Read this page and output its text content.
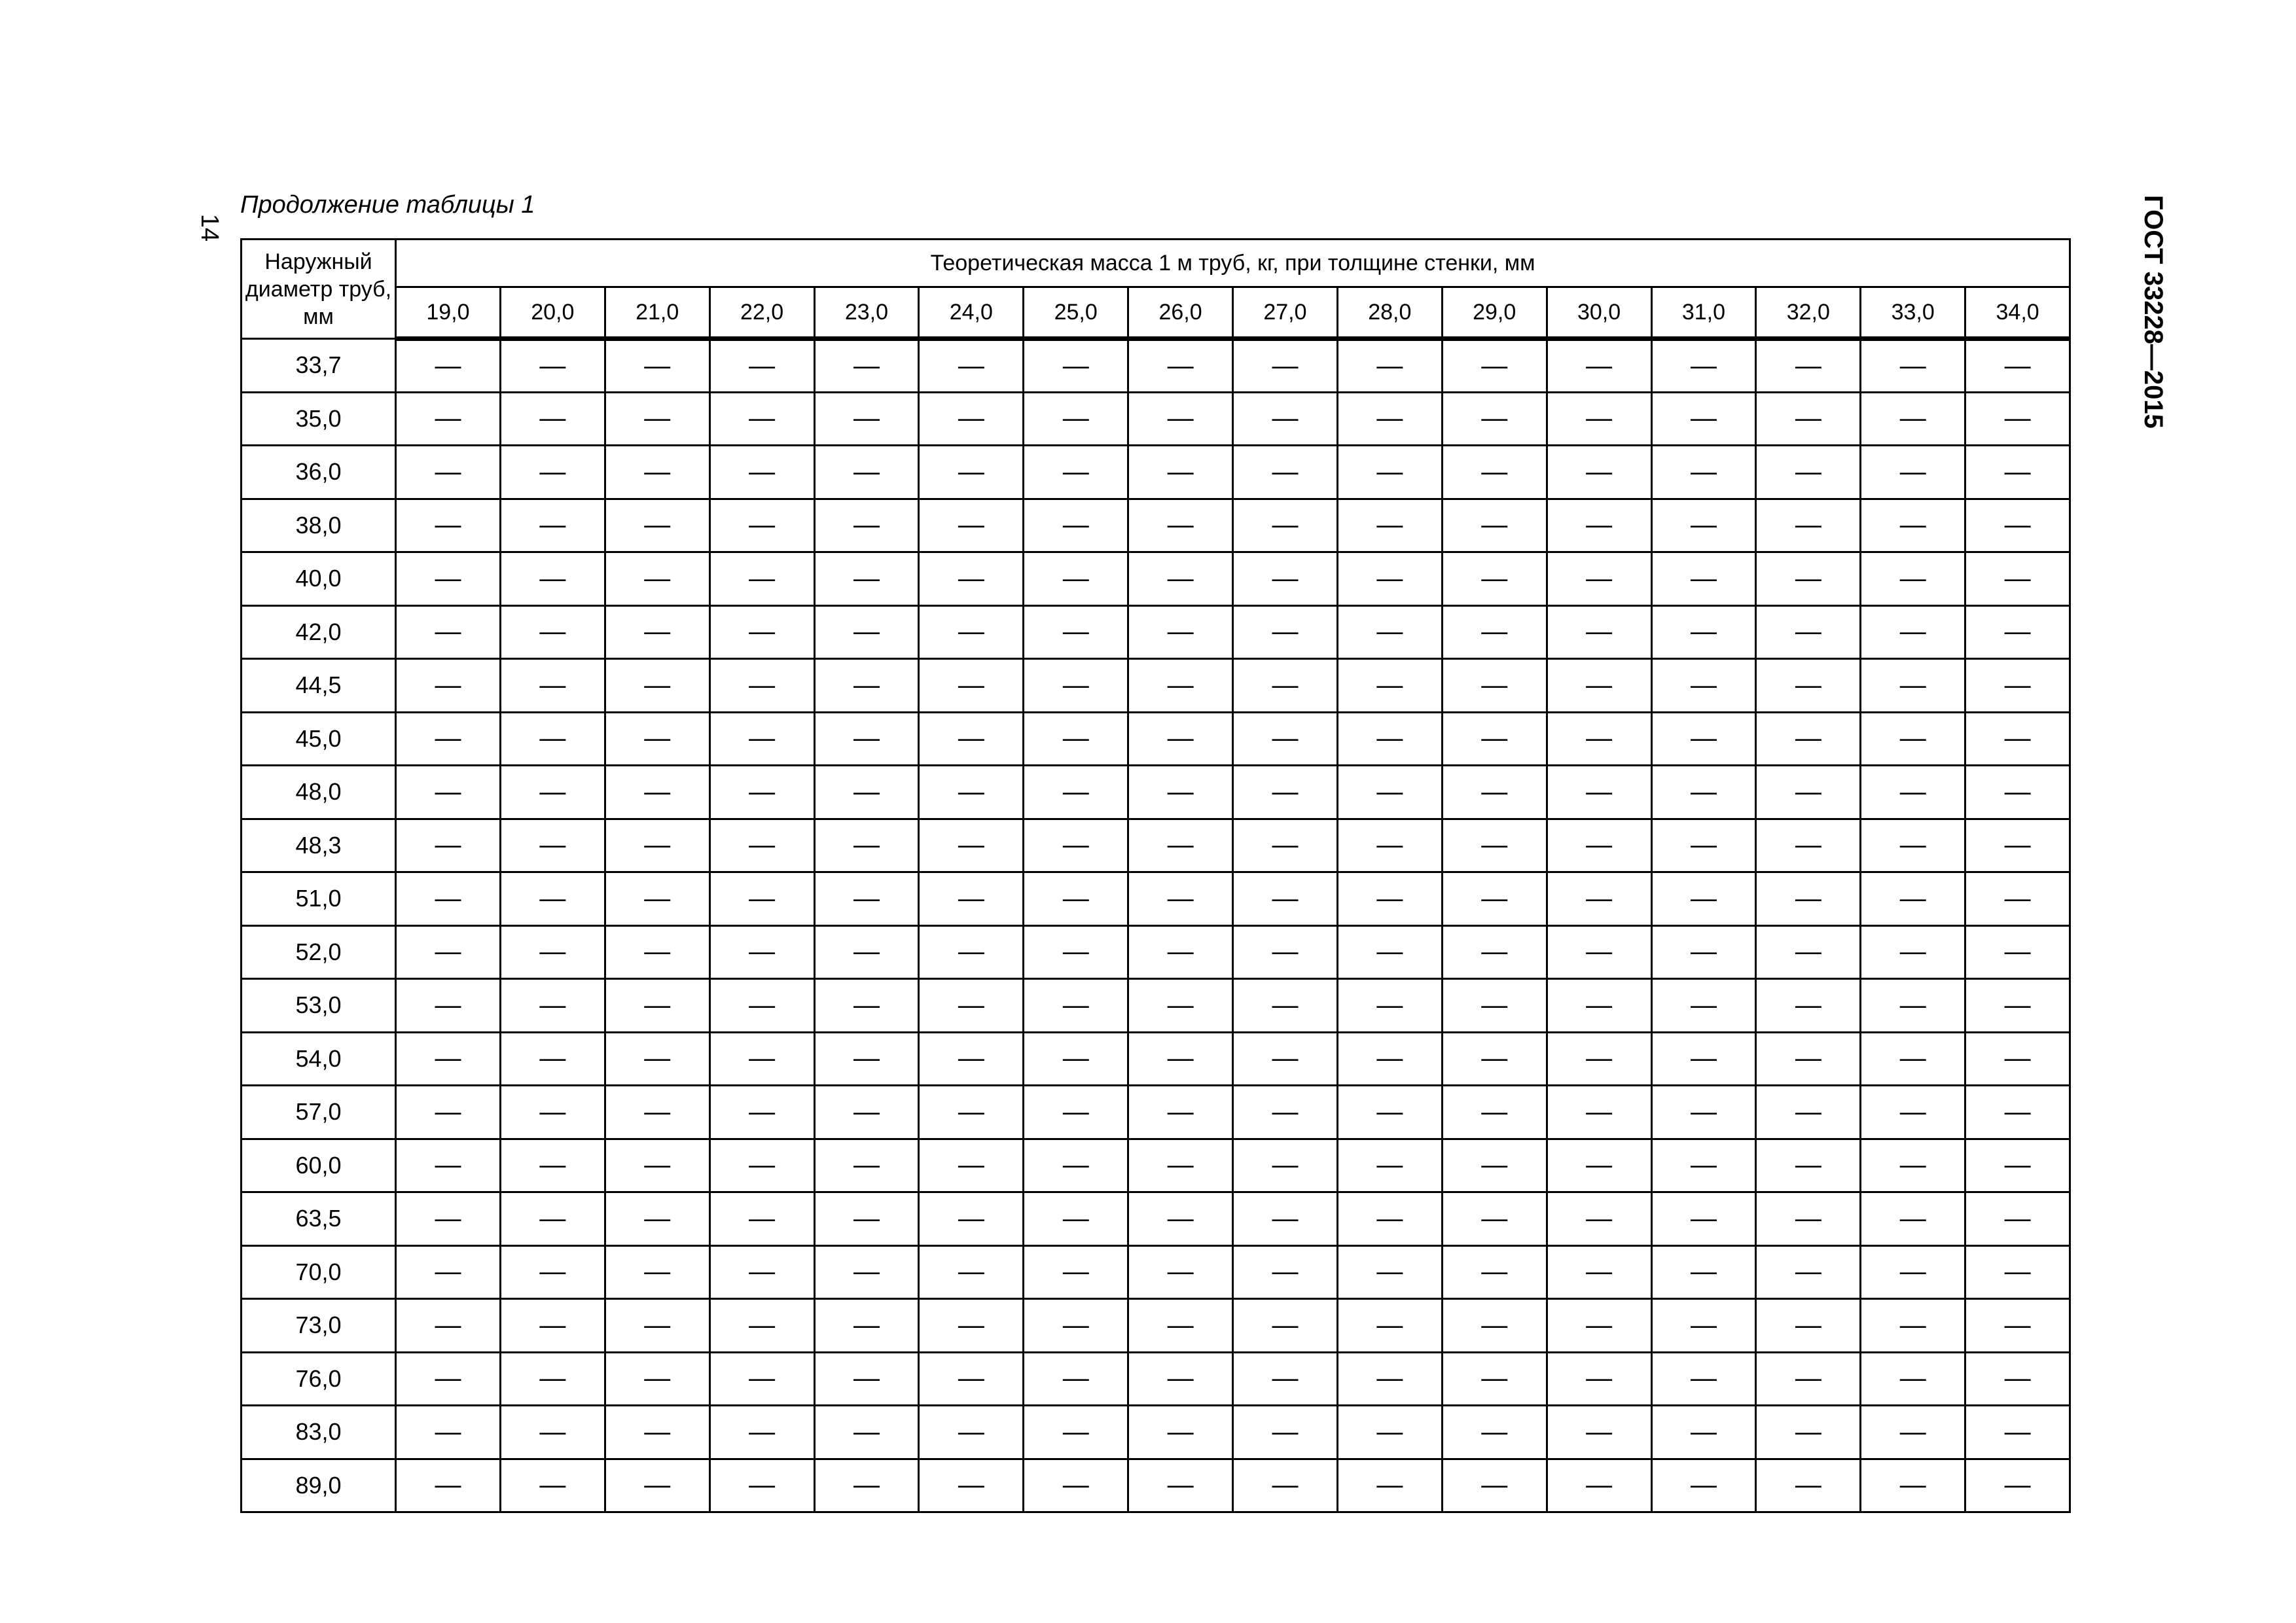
14
Продолжение таблицы 1	ГОСТ 33228—2015
Наружный диаметр труб, мм	Теоретическая масса 1 м труб, кг, при толщине стенки, мм															
	19,0	20,0	21,0	22,0	23,0	24,0	25,0	26,0	27,0	28,0	29,0	30,0	31,0	32,0	33,0	34,0
33,7	—	—	—	—	—	—	—	—	—	—	—	—	—	—	—	—
35,0	—	—	—	—	—	—	—	—	—	—	—	—	—	—	—	—
36,0	—	—	—	—	—	—	—	—	—	—	—	—	—	—	—	—
38,0	—	—	—	—	—	—	—	—	—	—	—	—	—	—	—	—
40,0	—	—	—	—	—	—	—	—	—	—	—	—	—	—	—	—
42,0	—	—	—	—	—	—	—	—	—	—	—	—	—	—	—	—
44,5	—	—	—	—	—	—	—	—	—	—	—	—	—	—	—	—
45,0	—	—	—	—	—	—	—	—	—	—	—	—	—	—	—	—
48,0	—	—	—	—	—	—	—	—	—	—	—	—	—	—	—	—
48,3	—	—	—	—	—	—	—	—	—	—	—	—	—	—	—	—
51,0	—	—	—	—	—	—	—	—	—	—	—	—	—	—	—	—
52,0	—	—	—	—	—	—	—	—	—	—	—	—	—	—	—	—
53,0	—	—	—	—	—	—	—	—	—	—	—	—	—	—	—	—
54,0	—	—	—	—	—	—	—	—	—	—	—	—	—	—	—	—
57,0	—	—	—	—	—	—	—	—	—	—	—	—	—	—	—	—
60,0	—	—	—	—	—	—	—	—	—	—	—	—	—	—	—	—
63,5	—	—	—	—	—	—	—	—	—	—	—	—	—	—	—	—
70,0	—	—	—	—	—	—	—	—	—	—	—	—	—	—	—	—
73,0	—	—	—	—	—	—	—	—	—	—	—	—	—	—	—	—
76,0	—	—	—	—	—	—	—	—	—	—	—	—	—	—	—	—
83,0	—	—	—	—	—	—	—	—	—	—	—	—	—	—	—	—
89,0	—	—	—	—	—	—	—	—	—	—	—	—	—	—	—	—
